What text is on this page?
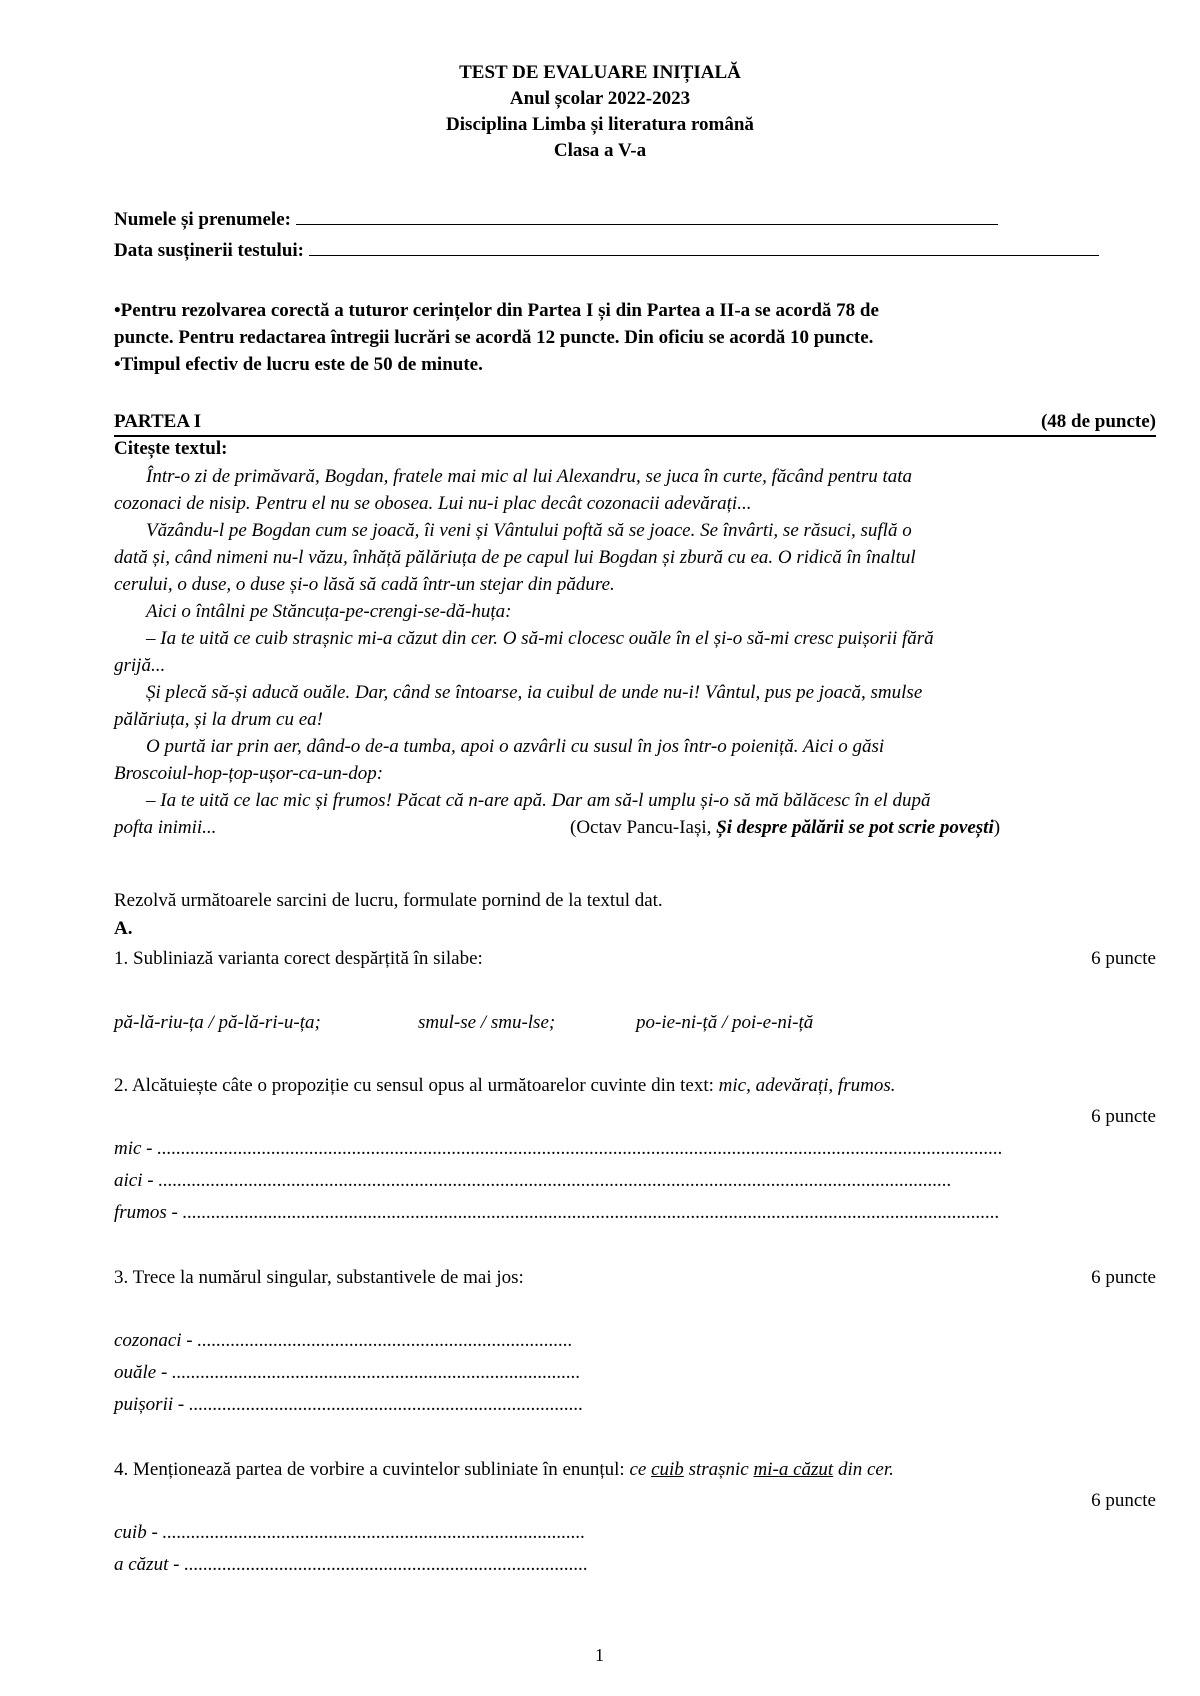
TEST DE EVALUARE INIȚIALĂ
Anul școlar 2022-2023
Disciplina Limba și literatura română
Clasa a V-a
Numele și prenumele:
Data susținerii testului:
•Pentru rezolvarea corectă a tuturor cerințelor din Partea I și din Partea a II-a se acordă 78 de
puncte. Pentru redactarea întregii lucrări se acordă 12 puncte. Din oficiu se acordă 10 puncte.
•Timpul efectiv de lucru este de 50 de minute.
PARTEA I	(48 de puncte)
Citește textul:
Într-o zi de primăvară, Bogdan, fratele mai mic al lui Alexandru, se juca în curte, făcând pentru tata
cozonaci de nisip. Pentru el nu se obosea. Lui nu-i plac decât cozonacii adevărați...
Văzându-l pe Bogdan cum se joacă, îi veni și Vântului poftă să se joace. Se învârti, se răsuci, suflă o
dată și, când nimeni nu-l văzu, înhăță pălăriuța de pe capul lui Bogdan și zbură cu ea. O ridică în înaltul
cerului, o duse, o duse și-o lăsă să cadă într-un stejar din pădure.
Aici o întâlni pe Stăncuța-pe-crengi-se-dă-huța:
– Ia te uită ce cuib strașnic mi-a căzut din cer. O să-mi clocesc ouăle în el și-o să-mi cresc puișorii fără
grijă...
Și plecă să-și aducă ouăle. Dar, când se întoarse, ia cuibul de unde nu-i! Vântul, pus pe joacă, smulse
pălăriuța, și la drum cu ea!
O purtă iar prin aer, dând-o de-a tumba, apoi o azvârli cu susul în jos într-o poieniță. Aici o găsi
Broscoiul-hop-țop-ușor-ca-un-dop:
– Ia te uită ce lac mic și frumos! Păcat că n-are apă. Dar am să-l umplu și-o să mă bălăcesc în el după
pofta inimii...	(Octav Pancu-Iași, Și despre pălării se pot scrie povești)
Rezolvă următoarele sarcini de lucru, formulate pornind de la textul dat.
A.
1. Subliniază varianta corect despărțită în silabe:	6 puncte
pă-lă-riu-ța / pă-lă-ri-u-ța;	smul-se / smu-lse;	po-ie-ni-ță / poi-e-ni-ță
2. Alcătuiește câte o propoziție cu sensul opus al următoarelor cuvinte din text: mic, adevărați, frumos.
6 puncte
mic - ..................................................................................................................................................................................
aici - .......................................................................................................................................................................
frumos - ............................................................................................................................................................................
3. Trece la numărul singular, substantivele de mai jos:	6 puncte
cozonaci - ...............................................................................
ouăle - ......................................................................................
puișorii - ...................................................................................
4. Menționează partea de vorbire a cuvintelor subliniate în enunțul: ce cuib strașnic mi-a căzut din cer.
6 puncte
cuib - .........................................................................................
a căzut - .....................................................................................
1
